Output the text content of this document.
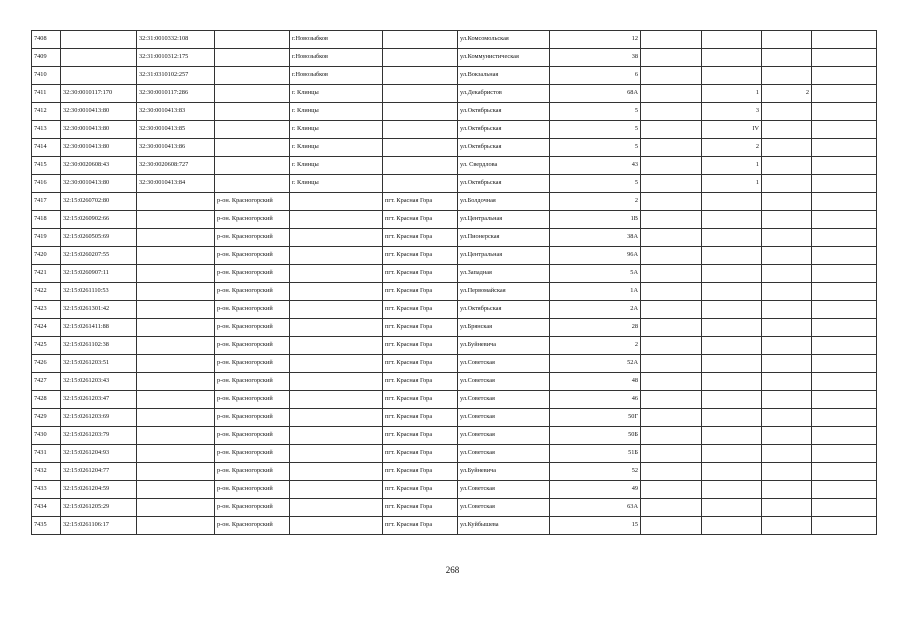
7408		32:31:0010332:108		г.Новозыбков		ул.Комсомольская	12				
7409		32:31:0010312:175		г.Новозыбков		ул.Коммунистическая	38				
7410		32:31:0310102:257		г.Новозыбков		ул.Вокзальная	6				
7411	32:30:0010117:170	32:30:0010117:286		г. Клинцы		ул.Декабристов	68А		1	2	
7412	32:30:0010413:80	32:30:0010413:83		г. Клинцы		ул.Октябрьская	5		3		
7413	32:30:0010413:80	32:30:0010413:85		г. Клинцы		ул.Октябрьская	5		IV		
7414	32:30:0010413:80	32:30:0010413:86		г. Клинцы		ул.Октябрьская	5		2		
7415	32:30:0020608:43	32:30:0020608:727		г. Клинцы		ул. Свердлова	43		1		
7416	32:30:0010413:80	32:30:0010413:84		г. Клинцы		ул.Октябрьская	5		1		
7417	32:15:0260702:80		р-он. Красногорский		пгт. Красная Гора	ул.Болдочная	2				
7418	32:15:0260902:66		р-он. Красногорский		пгт. Красная Гора	ул.Центральная	1В				
7419	32:15:0260505:69		р-он. Красногорский		пгт. Красная Гора	ул.Пионерская	38А				
7420	32:15:0260207:55		р-он. Красногорский		пгт. Красная Гора	ул.Центральная	96А				
7421	32:15:0260907:11		р-он. Красногорский		пгт. Красная Гора	ул.Западная	5А				
7422	32:15:0261110:53		р-он. Красногорский		пгт. Красная Гора	ул.Первомайская	1А				
7423	32:15:0261301:42		р-он. Красногорский		пгт. Красная Гора	ул.Октябрьская	2А				
7424	32:15:0261411:88		р-он. Красногорский		пгт. Красная Гора	ул.Брянская	28				
7425	32:15:0261102:38		р-он. Красногорский		пгт. Красная Гора	ул.Буйневича	2				
7426	32:15:0261203:51		р-он. Красногорский		пгт. Красная Гора	ул.Советская	52А				
7427	32:15:0261203:43		р-он. Красногорский		пгт. Красная Гора	ул.Советская	48				
7428	32:15:0261203:47		р-он. Красногорский		пгт. Красная Гора	ул.Советская	46				
7429	32:15:0261203:69		р-он. Красногорский		пгт. Красная Гора	ул.Советская	50Г				
7430	32:15:0261203:79		р-он. Красногорский		пгт. Красная Гора	ул.Советская	50Б				
7431	32:15:0261204:93		р-он. Красногорский		пгт. Красная Гора	ул.Советская	51Б				
7432	32:15:0261204:77		р-он. Красногорский		пгт. Красная Гора	ул.Буйневича	52				
7433	32:15:0261204:59		р-он. Красногорский		пгт. Красная Гора	ул.Советская	49				
7434	32:15:0261205:29		р-он. Красногорский		пгт. Красная Гора	ул.Советская	63А				
7435	32:15:0261106:17		р-он. Красногорский		пгт. Красная Гора	ул.Куйбышева	15				
268
